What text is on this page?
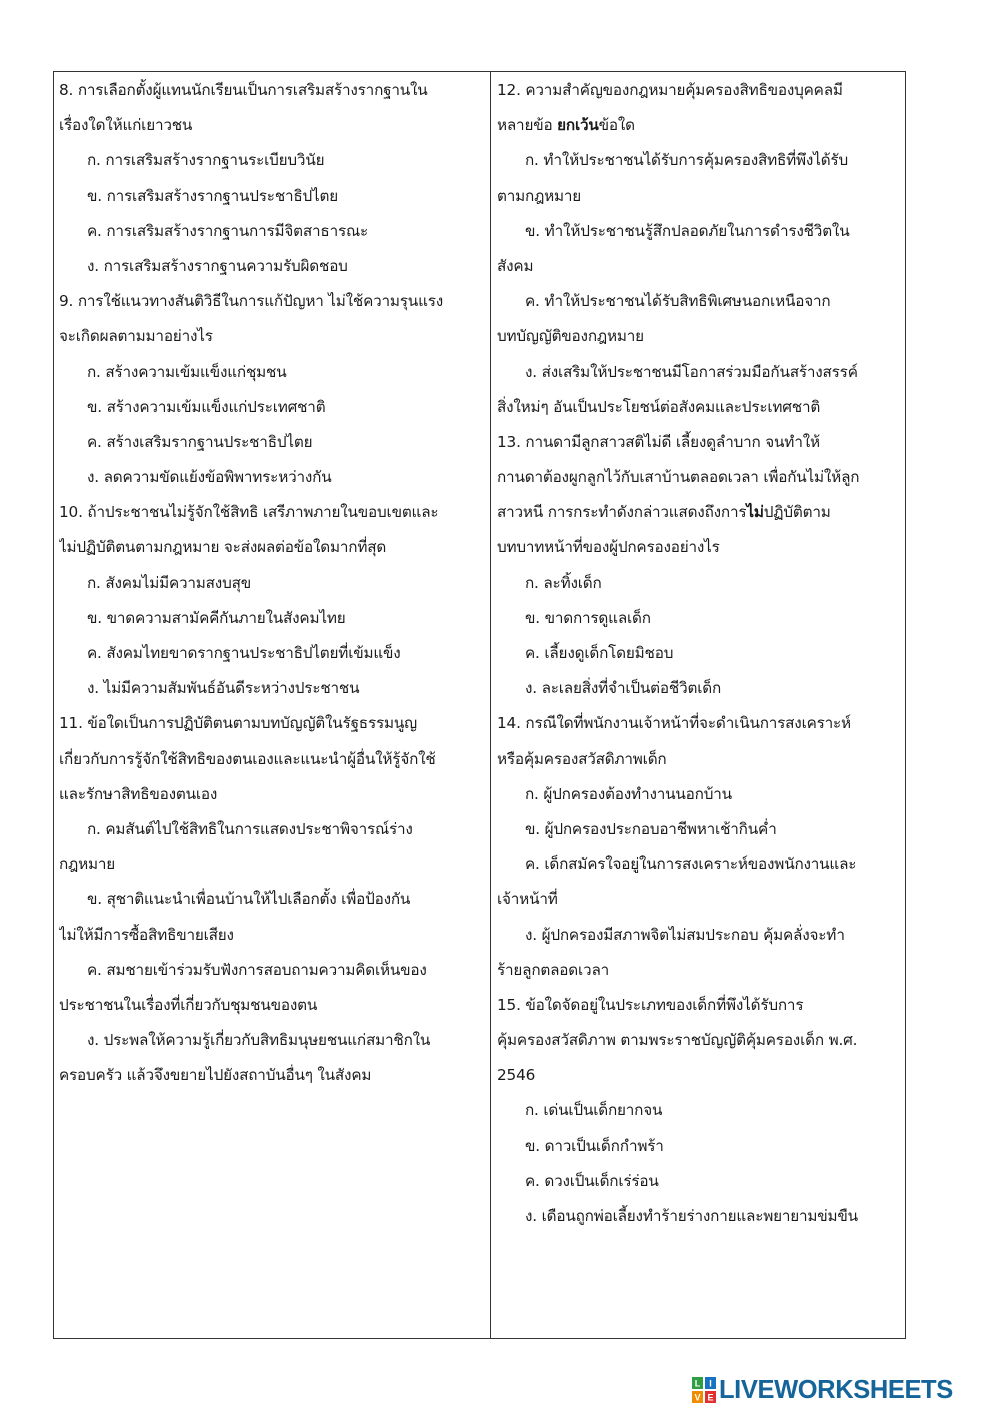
8. การเลือกตั้งผู้แทนนักเรียนเป็นการเสริมสร้างรากฐานใน
เรื่องใดให้แก่เยาวชน
ก. การเสริมสร้างรากฐานระเบียบวินัย
ข. การเสริมสร้างรากฐานประชาธิปไตย
ค. การเสริมสร้างรากฐานการมีจิตสาธารณะ
ง. การเสริมสร้างรากฐานความรับผิดชอบ
9. การใช้แนวทางสันติวิธีในการแก้ปัญหา ไม่ใช้ความรุนแรง
จะเกิดผลตามมาอย่างไร
ก. สร้างความเข้มแข็งแก่ชุมชน
ข. สร้างความเข้มแข็งแก่ประเทศชาติ
ค. สร้างเสริมรากฐานประชาธิปไตย
ง. ลดความขัดแย้งข้อพิพาทระหว่างกัน
10. ถ้าประชาชนไม่รู้จักใช้สิทธิ เสรีภาพภายในขอบเขตและ
ไม่ปฏิบัติตนตามกฎหมาย จะส่งผลต่อข้อใดมากที่สุด
ก. สังคมไม่มีความสงบสุข
ข. ขาดความสามัคคีกันภายในสังคมไทย
ค. สังคมไทยขาดรากฐานประชาธิปไตยที่เข้มแข็ง
ง. ไม่มีความสัมพันธ์อันดีระหว่างประชาชน
11. ข้อใดเป็นการปฏิบัติตนตามบทบัญญัติในรัฐธรรมนูญ
เกี่ยวกับการรู้จักใช้สิทธิของตนเองและแนะนำผู้อื่นให้รู้จักใช้
และรักษาสิทธิของตนเอง
ก. คมสันต์ไปใช้สิทธิในการแสดงประชาพิจารณ์ร่าง
กฎหมาย
ข. สุชาติแนะนำเพื่อนบ้านให้ไปเลือกตั้ง เพื่อป้องกัน
ไม่ให้มีการซื้อสิทธิขายเสียง
ค. สมชายเข้าร่วมรับฟังการสอบถามความคิดเห็นของ
ประชาชนในเรื่องที่เกี่ยวกับชุมชนของตน
ง. ประพลให้ความรู้เกี่ยวกับสิทธิมนุษยชนแก่สมาชิกใน
ครอบครัว แล้วจึงขยายไปยังสถาบันอื่นๆ ในสังคม
12. ความสำคัญของกฎหมายคุ้มครองสิทธิของบุคคลมี
หลายข้อ ยกเว้นข้อใด
ก. ทำให้ประชาชนได้รับการคุ้มครองสิทธิที่พึงได้รับ
ตามกฎหมาย
ข. ทำให้ประชาชนรู้สึกปลอดภัยในการดำรงชีวิตใน
สังคม
ค. ทำให้ประชาชนได้รับสิทธิพิเศษนอกเหนือจาก
บทบัญญัติของกฎหมาย
ง. ส่งเสริมให้ประชาชนมีโอกาสร่วมมือกันสร้างสรรค์
สิ่งใหม่ๆ อันเป็นประโยชน์ต่อสังคมและประเทศชาติ
13. กานดามีลูกสาวสติไม่ดี เลี้ยงดูลำบาก จนทำให้
กานดาต้องผูกลูกไว้กับเสาบ้านตลอดเวลา เพื่อกันไม่ให้ลูก
สาวหนี การกระทำดังกล่าวแสดงถึงการไม่ปฏิบัติตาม
บทบาทหน้าที่ของผู้ปกครองอย่างไร
ก. ละทิ้งเด็ก
ข. ขาดการดูแลเด็ก
ค. เลี้ยงดูเด็กโดยมิชอบ
ง. ละเลยสิ่งที่จำเป็นต่อชีวิตเด็ก
14. กรณีใดที่พนักงานเจ้าหน้าที่จะดำเนินการสงเคราะห์
หรือคุ้มครองสวัสดิภาพเด็ก
ก. ผู้ปกครองต้องทำงานนอกบ้าน
ข. ผู้ปกครองประกอบอาชีพหาเช้ากินค่ำ
ค. เด็กสมัครใจอยู่ในการสงเคราะห์ของพนักงานและ
เจ้าหน้าที่
ง. ผู้ปกครองมีสภาพจิตไม่สมประกอบ คุ้มคลั่งจะทำ
ร้ายลูกตลอดเวลา
15. ข้อใดจัดอยู่ในประเภทของเด็กที่พึงได้รับการ
คุ้มครองสวัสดิภาพ ตามพระราชบัญญัติคุ้มครองเด็ก พ.ศ.
2546
ก. เด่นเป็นเด็กยากจน
ข. ดาวเป็นเด็กกำพร้า
ค. ดวงเป็นเด็กเร่ร่อน
ง. เดือนถูกพ่อเลี้ยงทำร้ายร่างกายและพยายามข่มขืน
L I
V E LIVEWORKSHEETS
